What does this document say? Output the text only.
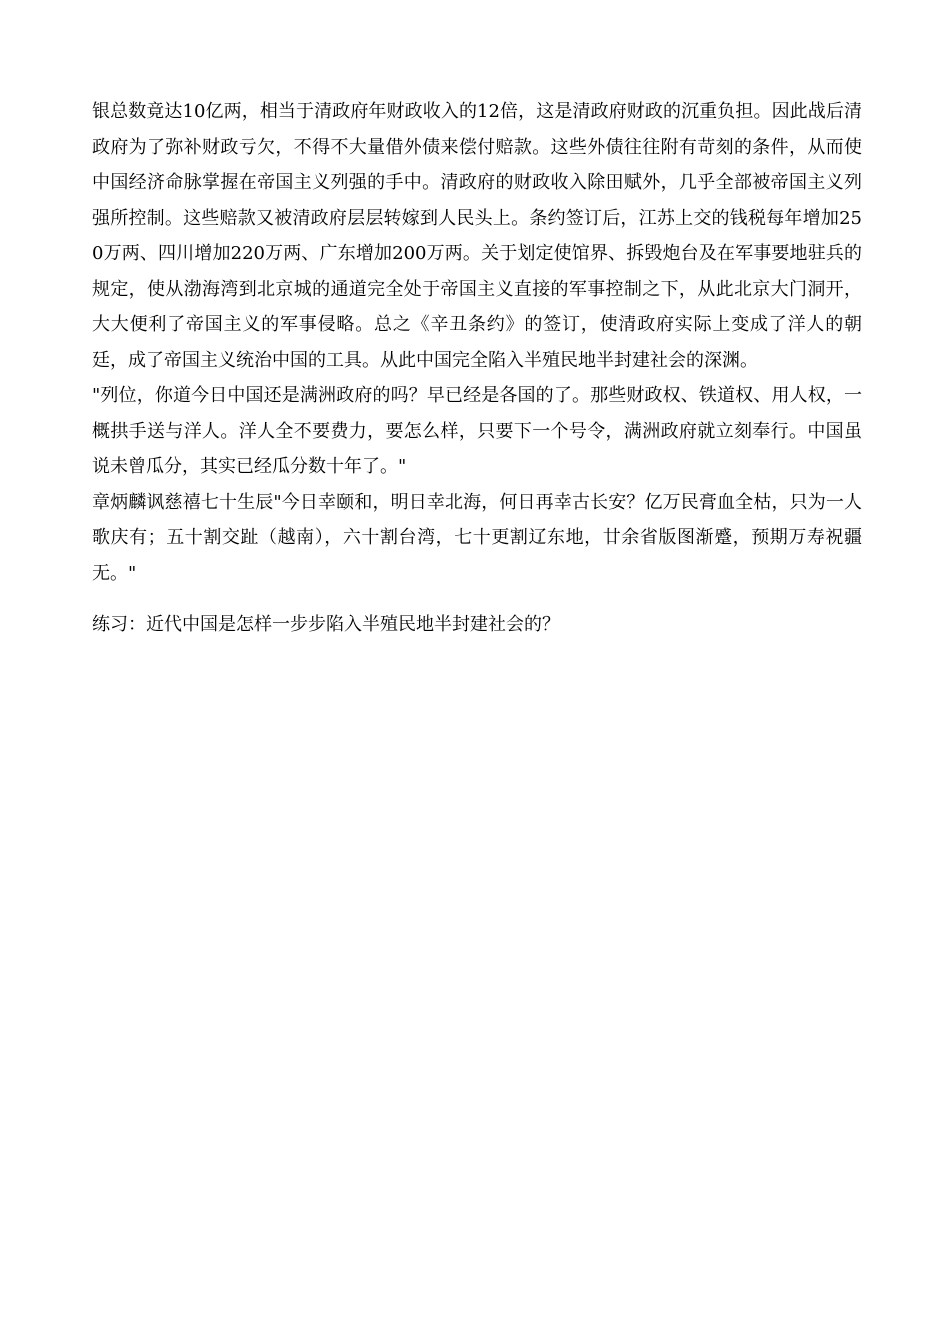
银总数竟达10亿两，相当于清政府年财政收入的12倍，这是清政府财政的沉重负担。因此战后清政府为了弥补财政亏欠，不得不大量借外债来偿付赔款。这些外债往往附有苛刻的条件，从而使中国经济命脉掌握在帝国主义列强的手中。清政府的财政收入除田赋外，几乎全部被帝国主义列强所控制。这些赔款又被清政府层层转嫁到人民头上。条约签订后，江苏上交的钱税每年增加250万两、四川增加220万两、广东增加200万两。关于划定使馆界、拆毁炮台及在军事要地驻兵的规定，使从渤海湾到北京城的通道完全处于帝国主义直接的军事控制之下，从此北京大门洞开，大大便利了帝国主义的军事侵略。总之《辛丑条约》的签订，使清政府实际上变成了洋人的朝廷，成了帝国主义统治中国的工具。从此中国完全陷入半殖民地半封建社会的深渊。

"列位，你道今日中国还是满洲政府的吗？早已经是各国的了。那些财政权、铁道权、用人权，一概拱手送与洋人。洋人全不要费力，要怎么样，只要下一个号令，满洲政府就立刻奉行。中国虽说未曾瓜分，其实已经瓜分数十年了。"

章炳麟讽慈禧七十生辰"今日幸颐和，明日幸北海，何日再幸古长安？亿万民膏血全枯，只为一人歌庆有；五十割交趾（越南），六十割台湾，七十更割辽东地，廿余省版图渐蹙，预期万寿祝疆无。"

练习：近代中国是怎样一步步陷入半殖民地半封建社会的？
